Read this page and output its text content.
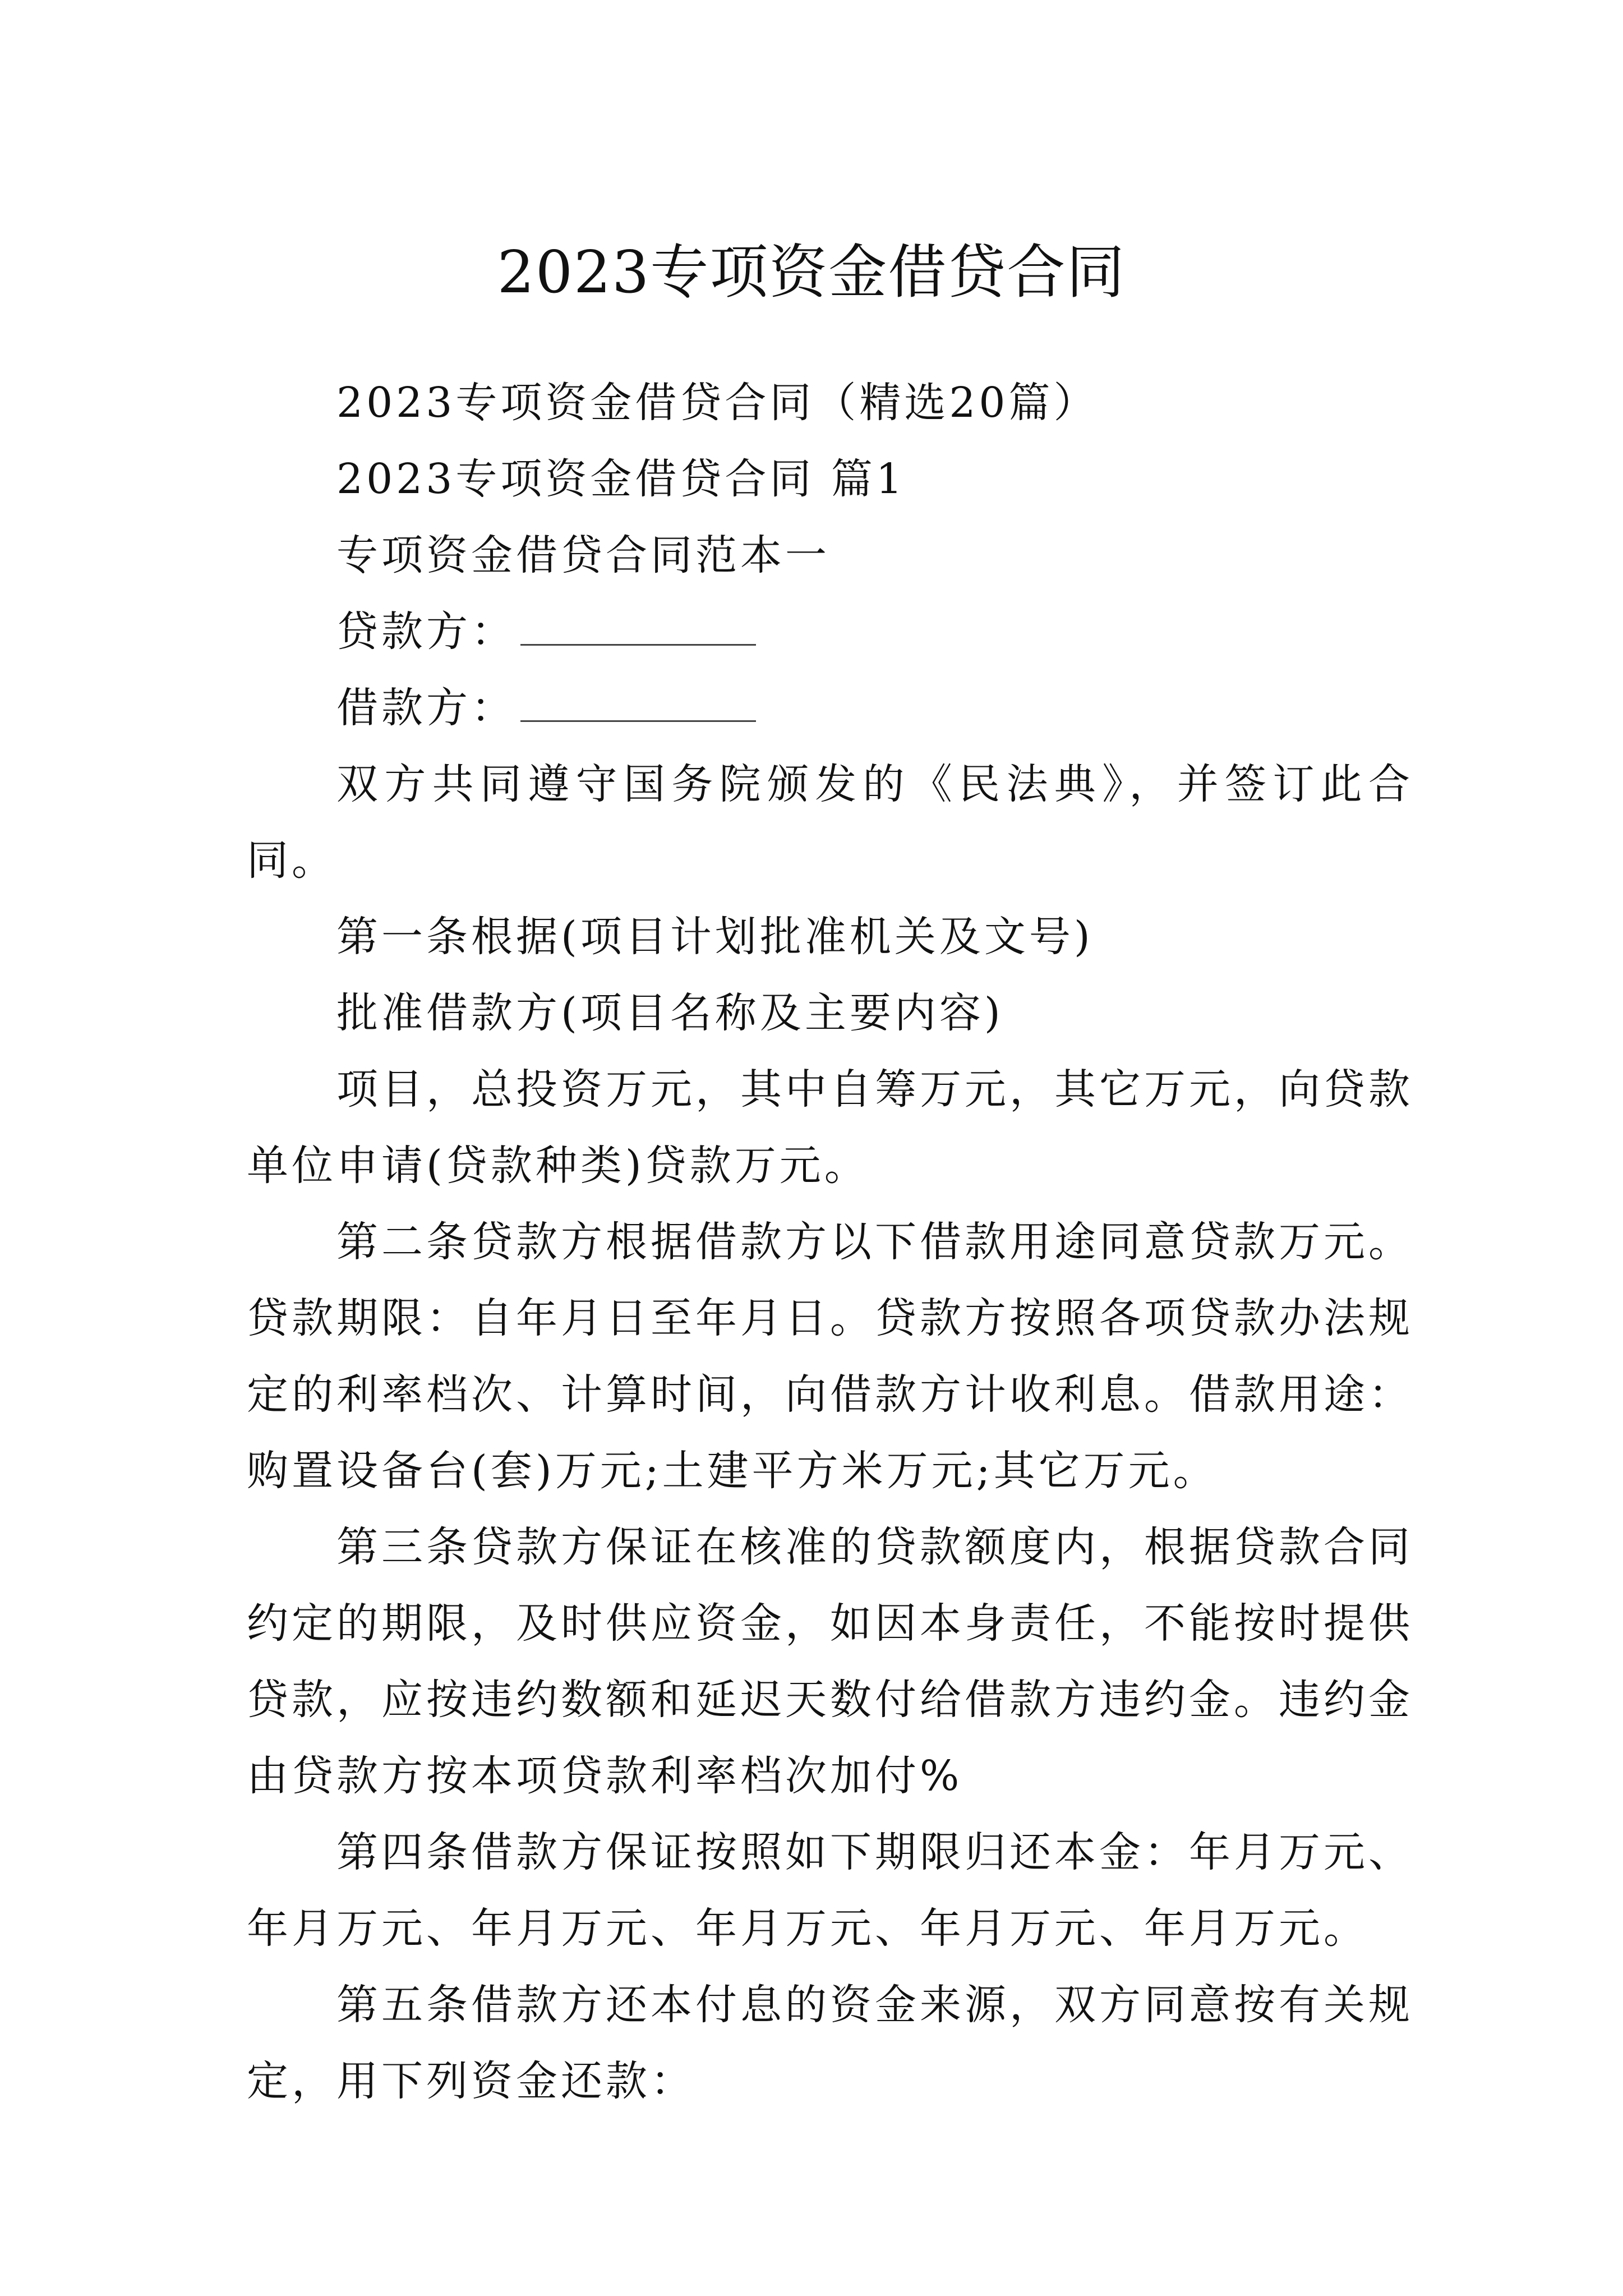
2023专项资金借贷合同

2023专项资金借贷合同（精选20篇）

2023专项资金借贷合同 篇1

专项资金借贷合同范本一

贷款方：

借款方：

双方共同遵守国务院颁发的《民法典》，并签订此合同。

第一条根据(项目计划批准机关及文号)

批准借款方(项目名称及主要内容)

项目，总投资万元，其中自筹万元，其它万元，向贷款单位申请(贷款种类)贷款万元。

第二条贷款方根据借款方以下借款用途同意贷款万元。贷款期限：自年月日至年月日。贷款方按照各项贷款办法规定的利率档次、计算时间，向借款方计收利息。借款用途：购置设备台(套)万元;土建平方米万元;其它万元。

第三条贷款方保证在核准的贷款额度内，根据贷款合同约定的期限，及时供应资金，如因本身责任，不能按时提供贷款，应按违约数额和延迟天数付给借款方违约金。违约金由贷款方按本项贷款利率档次加付%

第四条借款方保证按照如下期限归还本金：年月万元、年月万元、年月万元、年月万元、年月万元、年月万元。

第五条借款方还本付息的资金来源，双方同意按有关规定，用下列资金还款：
